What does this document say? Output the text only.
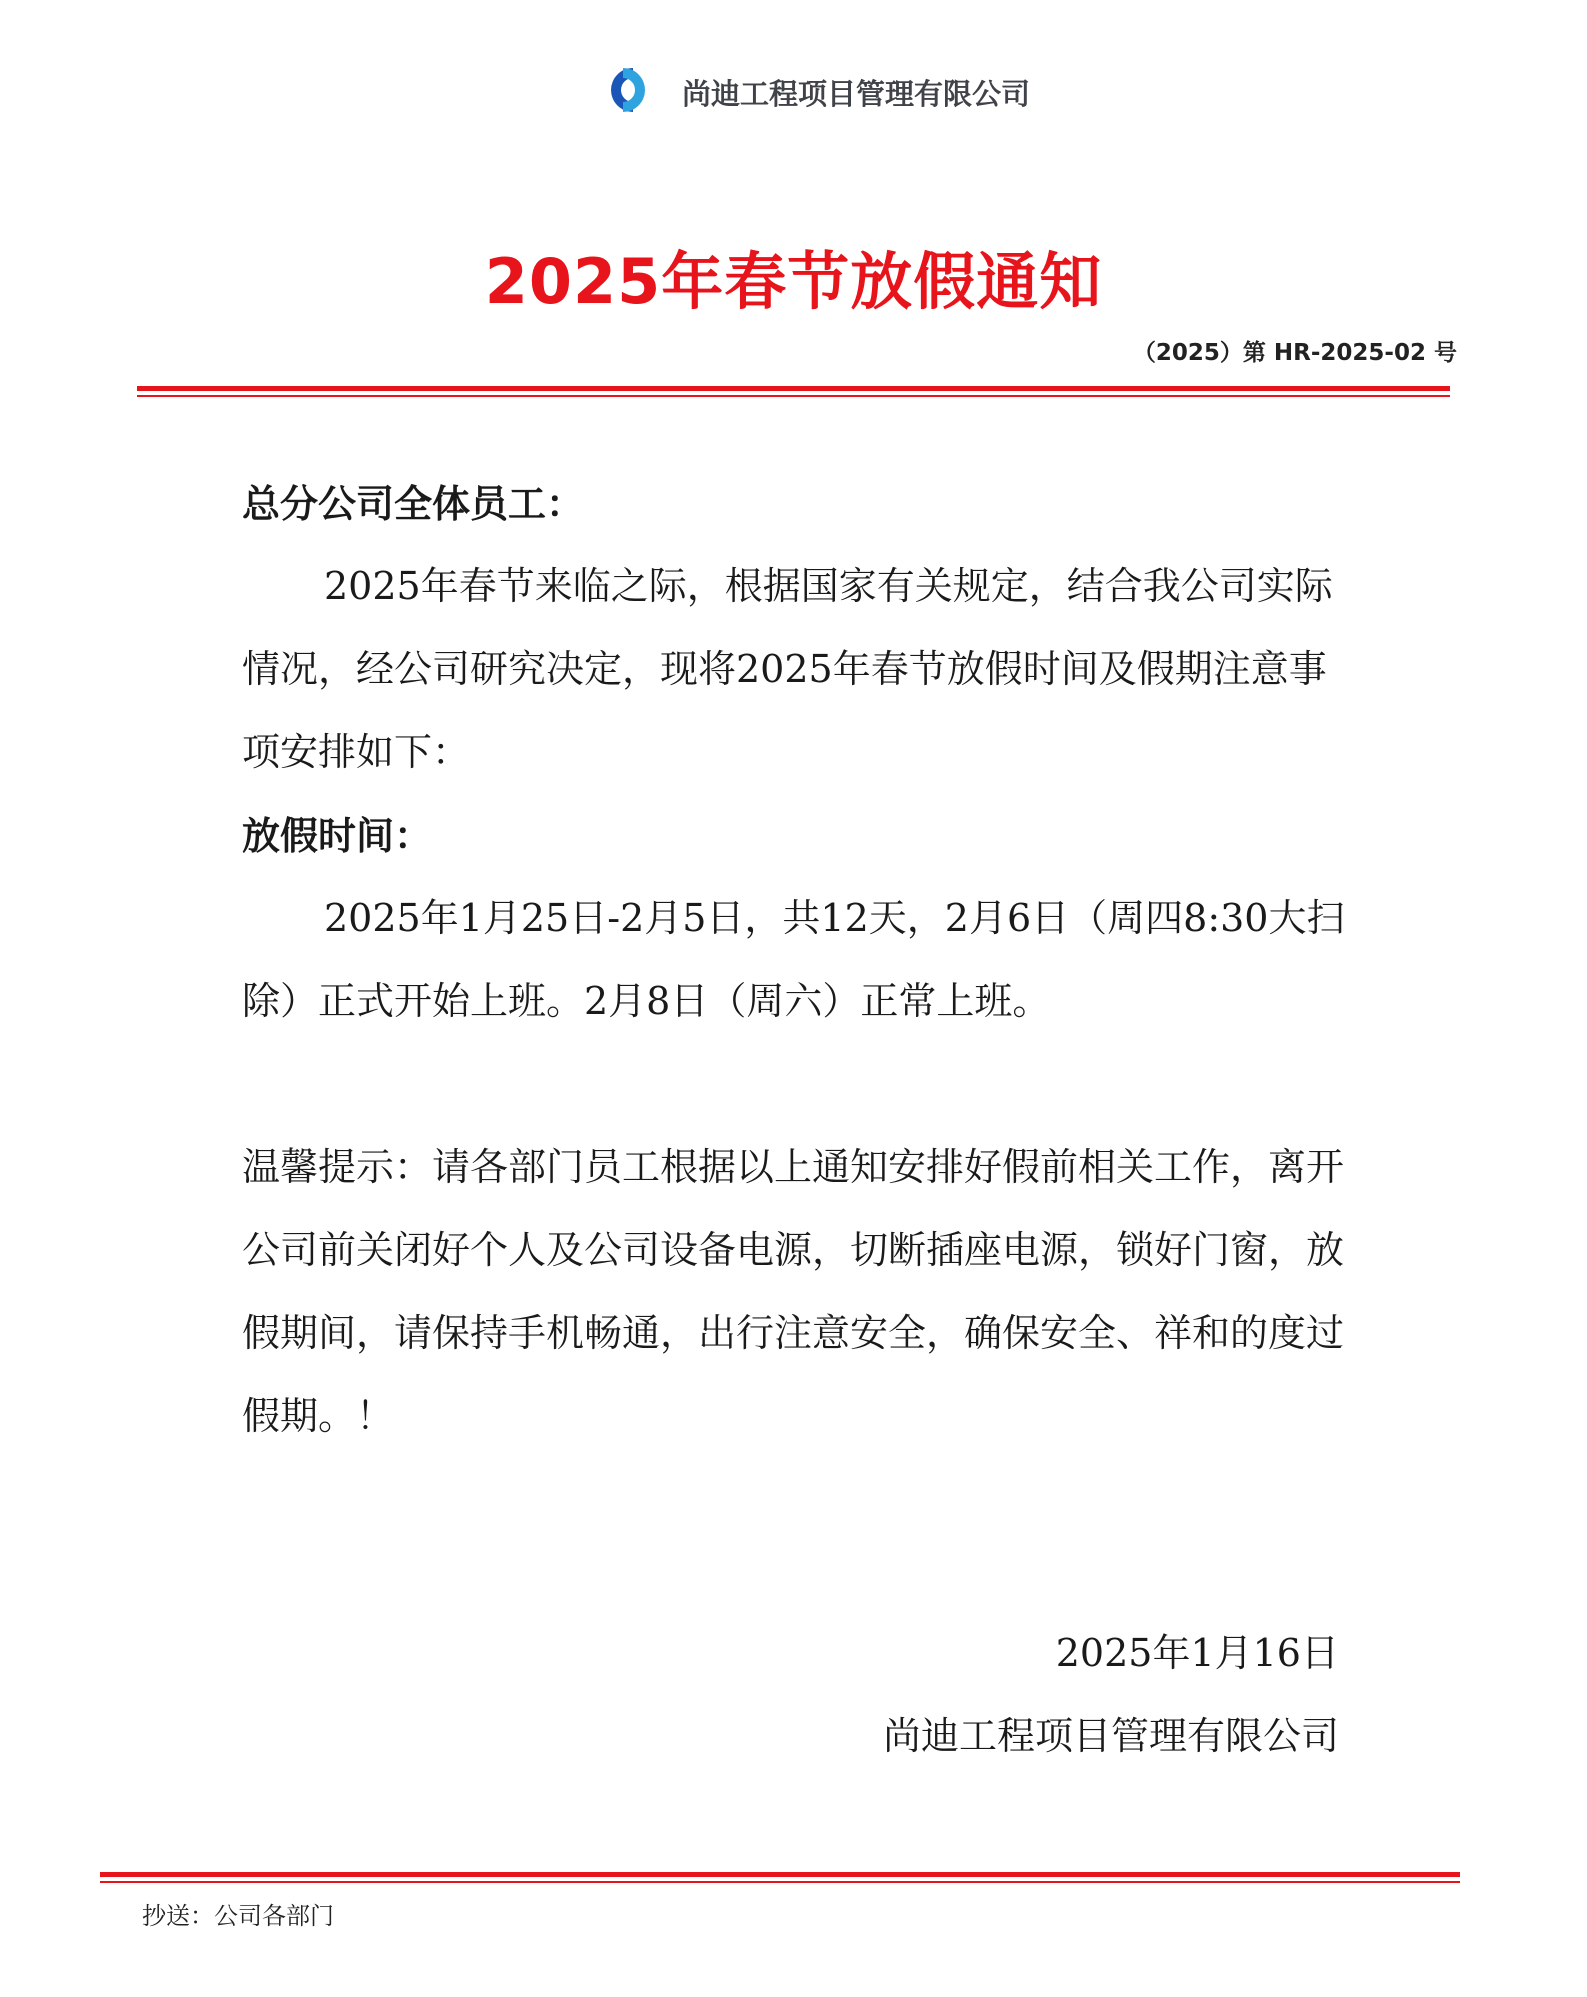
尚迪工程项目管理有限公司
2025年春节放假通知
（2025）第 HR-2025-02 号

总分公司全体员工：

2025年春节来临之际，根据国家有关规定，结合我公司实际情况，经公司研究决定，现将2025年春节放假时间及假期注意事项安排如下：

放假时间：

2025年1月25日-2月5日，共12天，2月6日（周四8:30大扫除）正式开始上班。2月8日（周六）正常上班。

温馨提示：请各部门员工根据以上通知安排好假前相关工作，离开公司前关闭好个人及公司设备电源，切断插座电源，锁好门窗，放假期间，请保持手机畅通，出行注意安全，确保安全、祥和的度过假期。！

2025年1月16日
尚迪工程项目管理有限公司
抄送：公司各部门
